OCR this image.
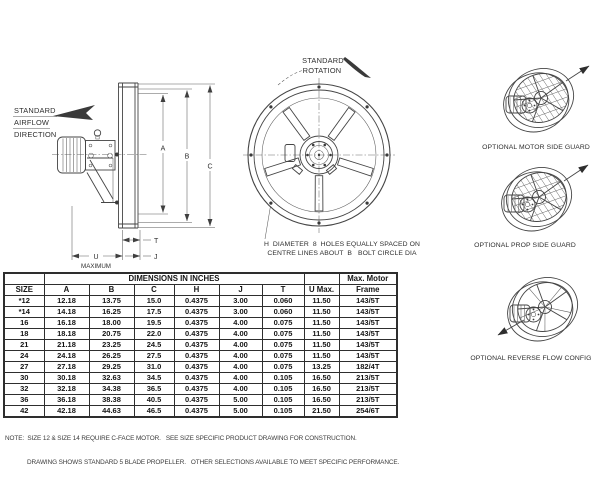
STANDARD
AIRFLOW
DIRECTION
A
B
C
T
U
MAXIMUM
J
STANDARD
ROTATION
H  DIAMETER  8  HOLES EQUALLY SPACED ON
CENTRE LINES ABOUT  B   BOLT CIRCLE DIA
OPTIONAL MOTOR SIDE GUARD
OPTIONAL PROP SIDE GUARD
OPTIONAL REVERSE FLOW CONFIG
	DIMENSIONS IN INCHES							Max. Motor
SIZE	A	B	C	H	J	T	U Max.	Frame
*12	12.18	13.75	15.0	0.4375	3.00	0.060	11.50	143/5T
*14	14.18	16.25	17.5	0.4375	3.00	0.060	11.50	143/5T
16	16.18	18.00	19.5	0.4375	4.00	0.075	11.50	143/5T
18	18.18	20.75	22.0	0.4375	4.00	0.075	11.50	143/5T
21	21.18	23.25	24.5	0.4375	4.00	0.075	11.50	143/5T
24	24.18	26.25	27.5	0.4375	4.00	0.075	11.50	143/5T
27	27.18	29.25	31.0	0.4375	4.00	0.075	13.25	182/4T
30	30.18	32.63	34.5	0.4375	4.00	0.105	16.50	213/5T
32	32.18	34.38	36.5	0.4375	4.00	0.105	16.50	213/5T
36	36.18	38.38	40.5	0.4375	5.00	0.105	16.50	213/5T
42	42.18	44.63	46.5	0.4375	5.00	0.105	21.50	254/6T

NOTE:  SIZE 12 & SIZE 14 REQUIRE C-FACE MOTOR.   SEE SIZE SPECIFIC PRODUCT DRAWING FOR CONSTRUCTION.

DRAWING SHOWS STANDARD 5 BLADE PROPELLER.   OTHER SELECTIONS AVAILABLE TO MEET SPECIFIC PERFORMANCE.
